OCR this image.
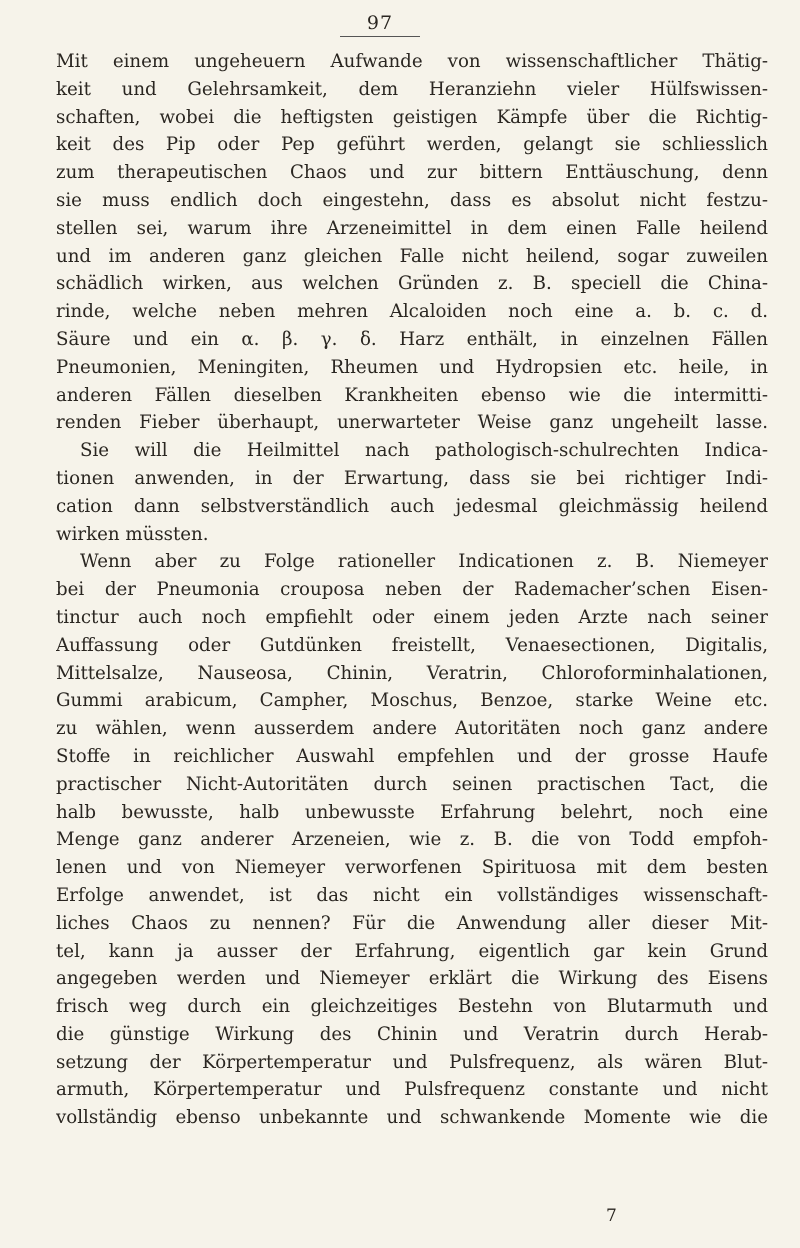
97
Mit einem ungeheuern Aufwande von wissenschaftlicher Thätig-
keit und Gelehrsamkeit, dem Heranziehn vieler Hülfswissen-
schaften, wobei die heftigsten geistigen Kämpfe über die Richtig-
keit des Pip oder Pep geführt werden, gelangt sie schliesslich
zum therapeutischen Chaos und zur bittern Enttäuschung, denn
sie muss endlich doch eingestehn, dass es absolut nicht festzu-
stellen sei, warum ihre Arzeneimittel in dem einen Falle heilend
und im anderen ganz gleichen Falle nicht heilend, sogar zuweilen
schädlich wirken, aus welchen Gründen z. B. speciell die China-
rinde, welche neben mehren Alcaloiden noch eine a. b. c. d.
Säure und ein α. β. γ. δ. Harz enthält, in einzelnen Fällen
Pneumonien, Meningiten, Rheumen und Hydropsien etc. heile, in
anderen Fällen dieselben Krankheiten ebenso wie die intermitti-
renden Fieber überhaupt, unerwarteter Weise ganz ungeheilt lasse.
Sie will die Heilmittel nach pathologisch-schulrechten Indica-
tionen anwenden, in der Erwartung, dass sie bei richtiger Indi-
cation dann selbstverständlich auch jedesmal gleichmässig heilend
wirken müssten.
Wenn aber zu Folge rationeller Indicationen z. B. Niemeyer
bei der Pneumonia crouposa neben der Rademacher’schen Eisen-
tinctur auch noch empfiehlt oder einem jeden Arzte nach seiner
Auffassung oder Gutdünken freistellt, Venaesectionen, Digitalis,
Mittelsalze, Nauseosa, Chinin, Veratrin, Chloroforminhalationen,
Gummi arabicum, Campher, Moschus, Benzoe, starke Weine etc.
zu wählen, wenn ausserdem andere Autoritäten noch ganz andere
Stoffe in reichlicher Auswahl empfehlen und der grosse Haufe
practischer Nicht-Autoritäten durch seinen practischen Tact, die
halb bewusste, halb unbewusste Erfahrung belehrt, noch eine
Menge ganz anderer Arzeneien, wie z. B. die von Todd empfoh-
lenen und von Niemeyer verworfenen Spirituosa mit dem besten
Erfolge anwendet, ist das nicht ein vollständiges wissenschaft-
liches Chaos zu nennen? Für die Anwendung aller dieser Mit-
tel, kann ja ausser der Erfahrung, eigentlich gar kein Grund
angegeben werden und Niemeyer erklärt die Wirkung des Eisens
frisch weg durch ein gleichzeitiges Bestehn von Blutarmuth und
die günstige Wirkung des Chinin und Veratrin durch Herab-
setzung der Körpertemperatur und Pulsfrequenz, als wären Blut-
armuth, Körpertemperatur und Pulsfrequenz constante und nicht
vollständig ebenso unbekannte und schwankende Momente wie die
7
